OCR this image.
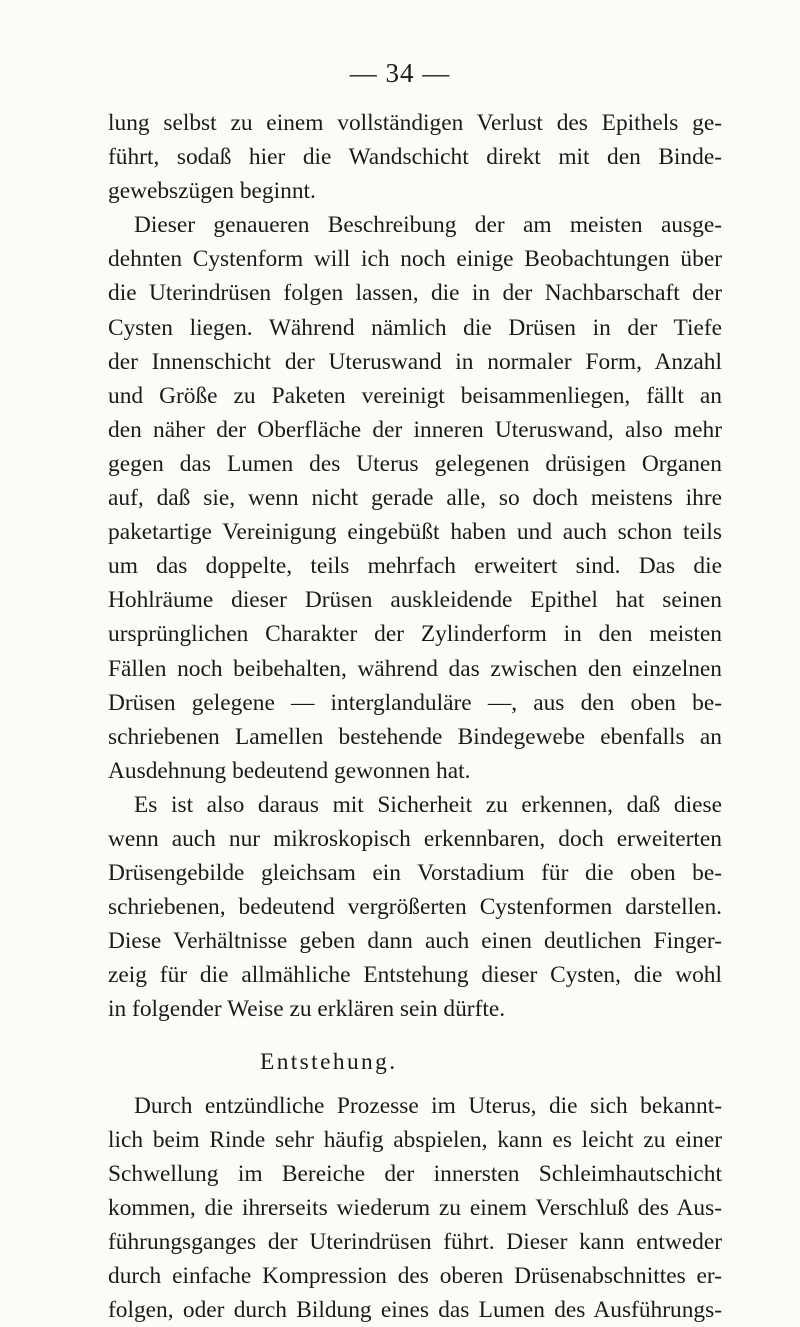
— 34 —
lung selbst zu einem vollständigen Verlust des Epithels ge-
führt, sodaß hier die Wandschicht direkt mit den Binde-
gewebszügen beginnt.
Dieser genaueren Beschreibung der am meisten ausge-
dehnten Cystenform will ich noch einige Beobachtungen über
die Uterindrüsen folgen lassen, die in der Nachbarschaft der
Cysten liegen. Während nämlich die Drüsen in der Tiefe
der Innenschicht der Uteruswand in normaler Form, Anzahl
und Größe zu Paketen vereinigt beisammenliegen, fällt an
den näher der Oberfläche der inneren Uteruswand, also mehr
gegen das Lumen des Uterus gelegenen drüsigen Organen
auf, daß sie, wenn nicht gerade alle, so doch meistens ihre
paketartige Vereinigung eingebüßt haben und auch schon teils
um das doppelte, teils mehrfach erweitert sind. Das die
Hohlräume dieser Drüsen auskleidende Epithel hat seinen
ursprünglichen Charakter der Zylinderform in den meisten
Fällen noch beibehalten, während das zwischen den einzelnen
Drüsen gelegene — interglanduläre —, aus den oben be-
schriebenen Lamellen bestehende Bindegewebe ebenfalls an
Ausdehnung bedeutend gewonnen hat.
Es ist also daraus mit Sicherheit zu erkennen, daß diese
wenn auch nur mikroskopisch erkennbaren, doch erweiterten
Drüsengebilde gleichsam ein Vorstadium für die oben be-
schriebenen, bedeutend vergrößerten Cystenformen darstellen.
Diese Verhältnisse geben dann auch einen deutlichen Finger-
zeig für die allmähliche Entstehung dieser Cysten, die wohl
in folgender Weise zu erklären sein dürfte.
Entstehung.
Durch entzündliche Prozesse im Uterus, die sich bekannt-
lich beim Rinde sehr häufig abspielen, kann es leicht zu einer
Schwellung im Bereiche der innersten Schleimhautschicht
kommen, die ihrerseits wiederum zu einem Verschluß des Aus-
führungsganges der Uterindrüsen führt. Dieser kann entweder
durch einfache Kompression des oberen Drüsenabschnittes er-
folgen, oder durch Bildung eines das Lumen des Ausführungs-
